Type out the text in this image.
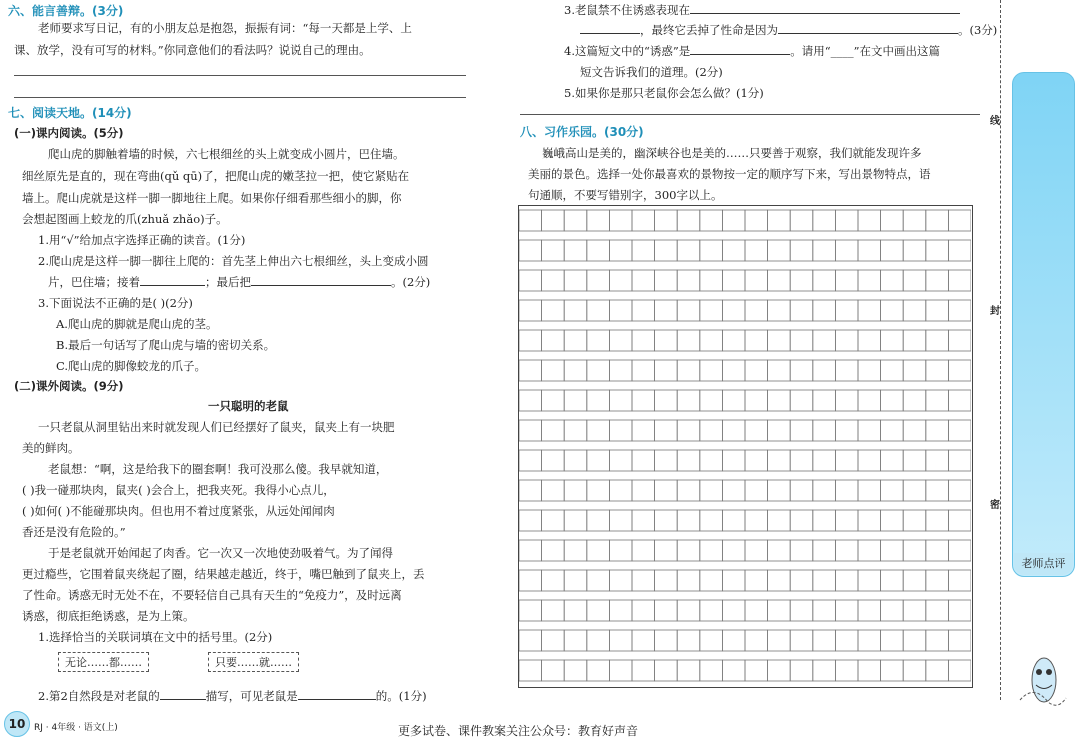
六、能言善辩。(3分)
老师要求写日记，有的小朋友总是抱怨，振振有词：“每一天都是上学、上
课、放学，没有可写的材料。”你同意他们的看法吗？说说自己的理由。
七、阅读天地。(14分)
(一)课内阅读。(5分)
爬山虎的脚触着墙的时候，六七根细丝的头上就变成小圆片，巴住墙。
细丝原先是直的，现在弯曲(qǔ qū)了，把爬山虎的嫩茎拉一把，使它紧贴在
墙上。爬山虎就是这样一脚一脚地往上爬。如果你仔细看那些细小的脚，你
会想起图画上蛟龙的爪(zhuǎ zhǎo)子。
1.用“√”给加点字选择正确的读音。(1分)
2.爬山虎是这样一脚一脚往上爬的：首先茎上伸出六七根细丝，头上变成小圆
片，巴住墙；接着	；最后把	。(2分)
3.下面说法不正确的是( )(2分)
A.爬山虎的脚就是爬山虎的茎。
B.最后一句话写了爬山虎与墙的密切关系。
C.爬山虎的脚像蛟龙的爪子。
(二)课外阅读。(9分)
一只聪明的老鼠
一只老鼠从洞里钻出来时就发现人们已经摆好了鼠夹，鼠夹上有一块肥
美的鲜肉。
老鼠想：“啊，这是给我下的圈套啊！我可没那么傻。我早就知道，
( )我一碰那块肉，鼠夹( )会合上，把我夹死。我得小心点儿，
( )如何( )不能碰那块肉。但也用不着过度紧张，从远处闻闻肉
香还是没有危险的。”
于是老鼠就开始闻起了肉香。它一次又一次地使劲吸着气。为了闻得
更过瘾些，它围着鼠夹绕起了圈，结果越走越近，终于，嘴巴触到了鼠夹上，丢
了性命。诱惑无时无处不在，不要轻信自己具有天生的“免疫力”，及时远离
诱惑，彻底拒绝诱惑，是为上策。
1.选择恰当的关联词填在文中的括号里。(2分)
无论……都……	只要……就……
2.第2自然段是对老鼠的	描写，可见老鼠是	的。(1分)
3.老鼠禁不住诱惑表现在
，最终它丢掉了性命是因为	。(3分)
4.这篇短文中的“诱惑”是	。请用“____”在文中画出这篇
短文告诉我们的道理。(2分)
5.如果你是那只老鼠你会怎么做？(1分)
八、习作乐园。(30分)
巍峨高山是美的，幽深峡谷也是美的……只要善于观察，我们就能发现许多
美丽的景色。选择一处你最喜欢的景物按一定的顺序写下来，写出景物特点，语
句通顺，不要写错别字，300字以上。
线
封
密
老师点评
10 RJ · 4年级 · 语文(上)	更多试卷、课件教案关注公众号：教育好声音
